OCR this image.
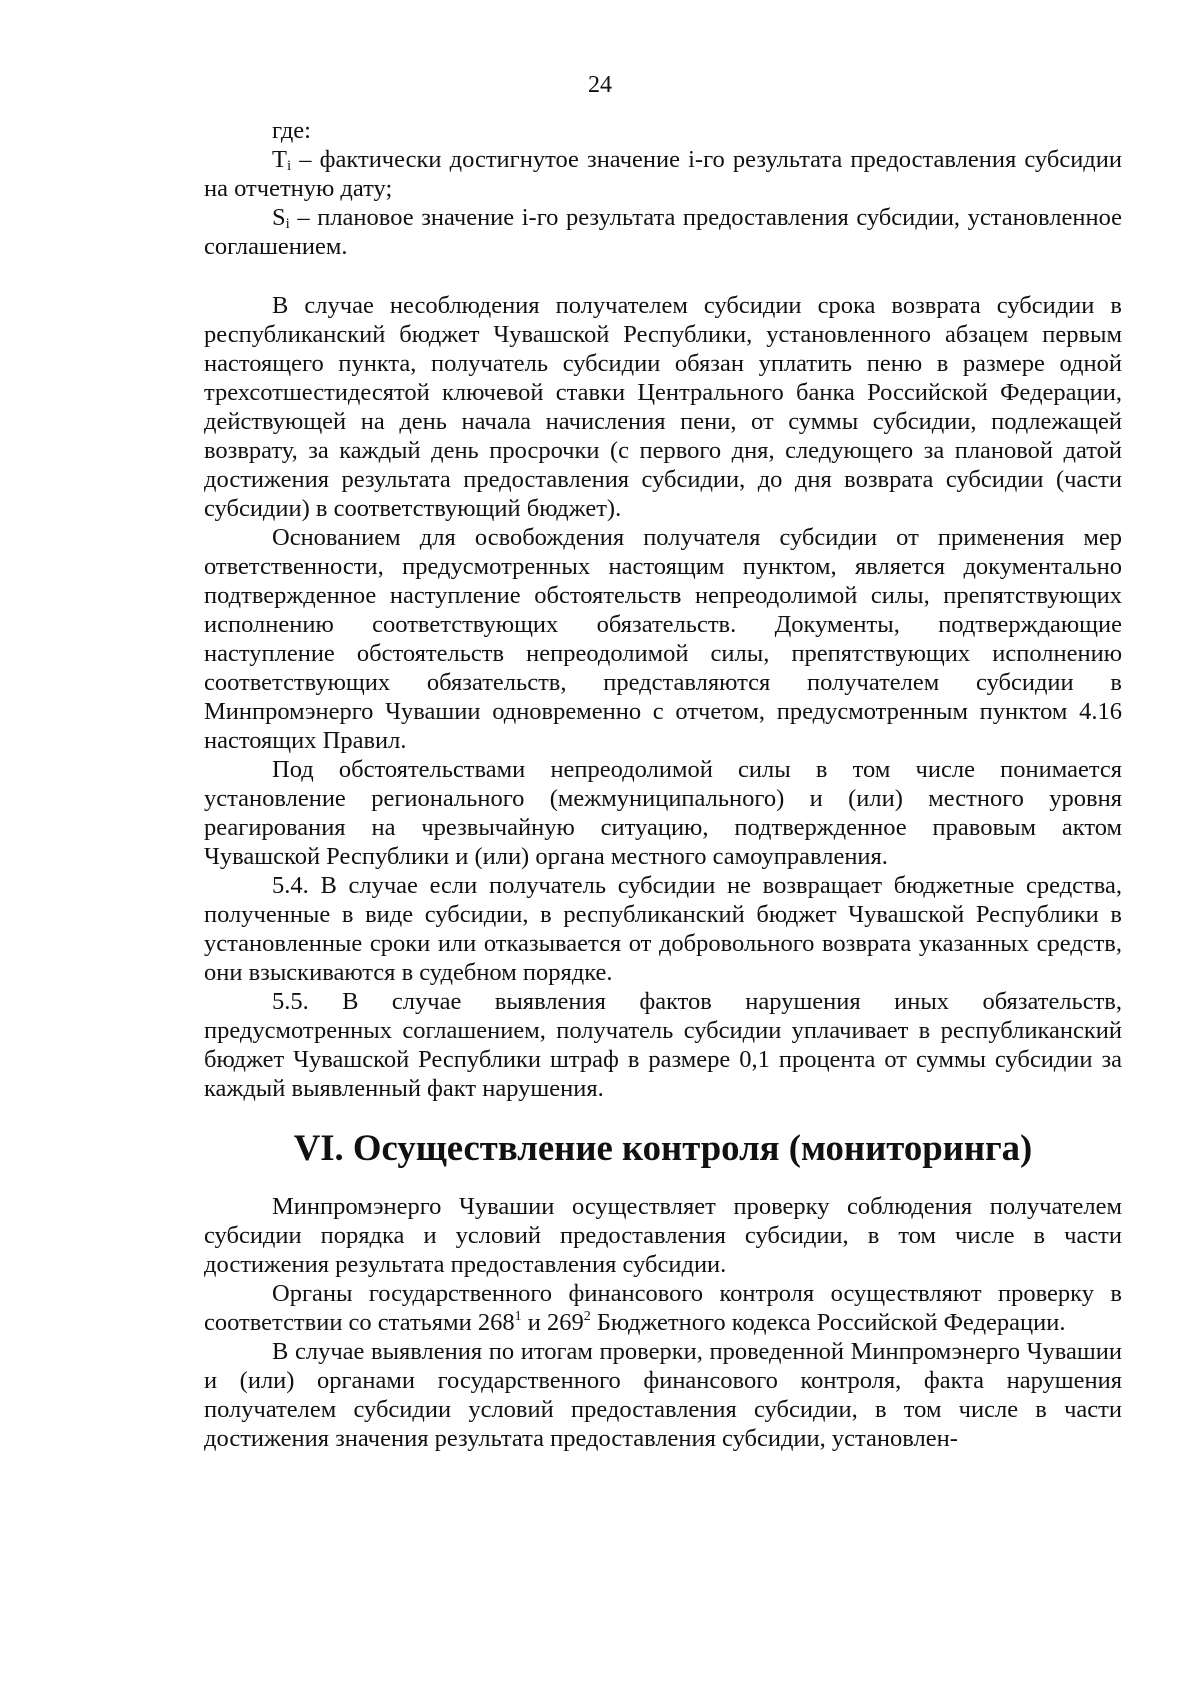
24

где:

$T_i$ – фактически достигнутое значение i-го результата предоставления субсидии на отчетную дату;

$S_i$ – плановое значение i-го результата предоставления субсидии, установленное соглашением.

В случае несоблюдения получателем субсидии срока возврата субсидии в республиканский бюджет Чувашской Республики, установленного абзацем первым настоящего пункта, получатель субсидии обязан уплатить пеню в размере одной трехсотшестидесятой ключевой ставки Центрального банка Российской Федерации, действующей на день начала начисления пени, от суммы субсидии, подлежащей возврату, за каждый день просрочки (с первого дня, следующего за плановой датой достижения результата предоставления субсидии, до дня возврата субсидии (части субсидии) в соответствующий бюджет).

Основанием для освобождения получателя субсидии от применения мер ответственности, предусмотренных настоящим пунктом, является документально подтвержденное наступление обстоятельств непреодолимой силы, препятствующих исполнению соответствующих обязательств. Документы, подтверждающие наступление обстоятельств непреодолимой силы, препятствующих исполнению соответствующих обязательств, представляются получателем субсидии в Минпромэнерго Чувашии одновременно с отчетом, предусмотренным пунктом 4.16 настоящих Правил.

Под обстоятельствами непреодолимой силы в том числе понимается установление регионального (межмуниципального) и (или) местного уровня реагирования на чрезвычайную ситуацию, подтвержденное правовым актом Чувашской Республики и (или) органа местного самоуправления.

5.4. В случае если получатель субсидии не возвращает бюджетные средства, полученные в виде субсидии, в республиканский бюджет Чувашской Республики в установленные сроки или отказывается от добровольного возврата указанных средств, они взыскиваются в судебном порядке.

5.5. В случае выявления фактов нарушения иных обязательств, предусмотренных соглашением, получатель субсидии уплачивает в республиканский бюджет Чувашской Республики штраф в размере 0,1 процента от суммы субсидии за каждый выявленный факт нарушения.

VI. Осуществление контроля (мониторинга)

Минпромэнерго Чувашии осуществляет проверку соблюдения получателем субсидии порядка и условий предоставления субсидии, в том числе в части достижения результата предоставления субсидии.

Органы государственного финансового контроля осуществляют проверку в соответствии со статьями $268^1$ и $269^2$ Бюджетного кодекса Российской Федерации.

В случае выявления по итогам проверки, проведенной Минпромэнерго Чувашии и (или) органами государственного финансового контроля, факта нарушения получателем субсидии условий предоставления субсидии, в том числе в части достижения значения результата предоставления субсидии, установлен-
